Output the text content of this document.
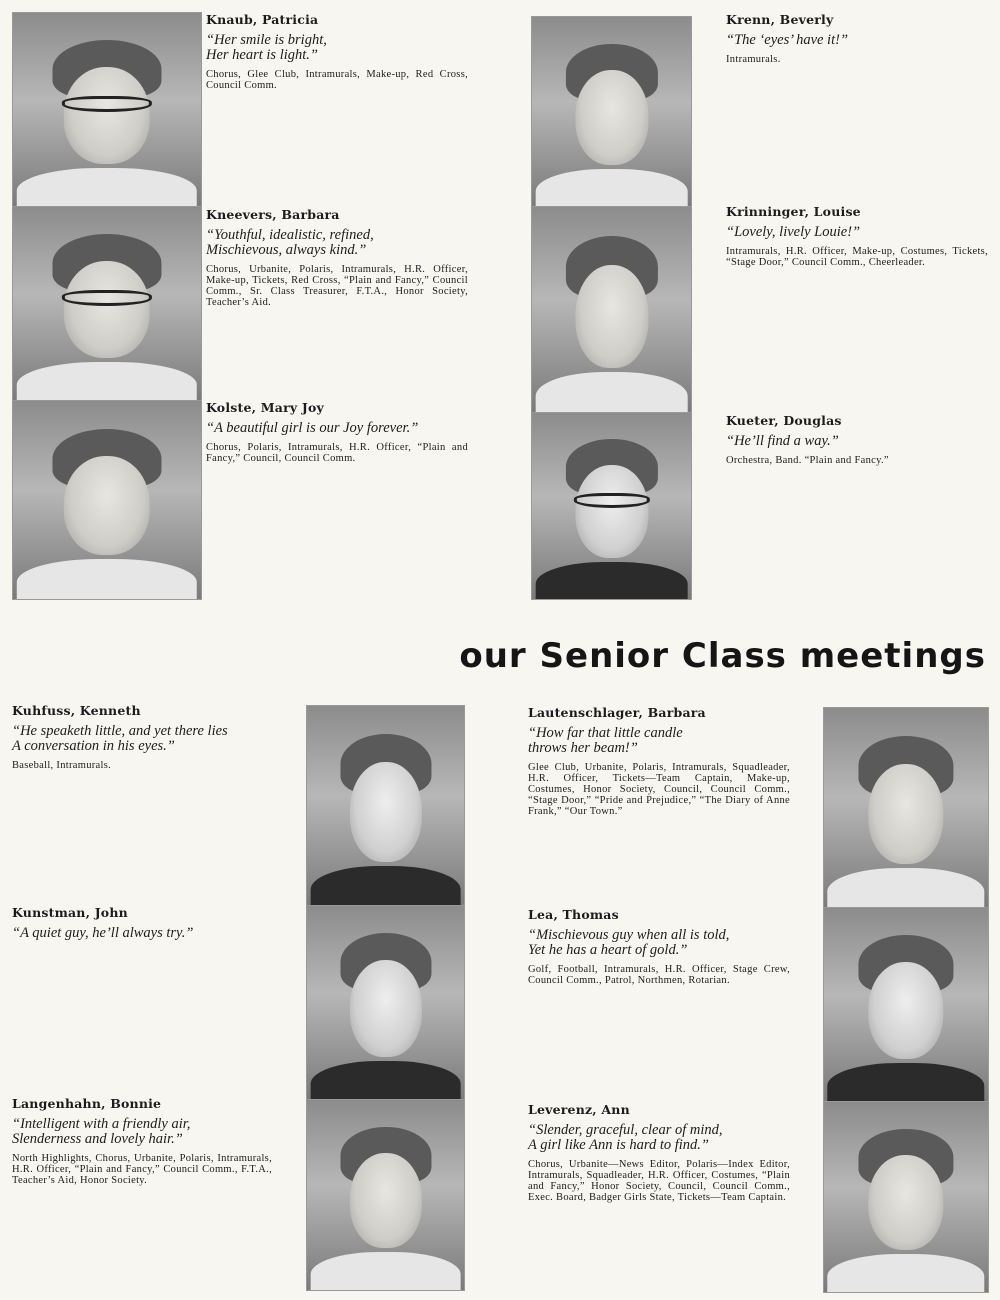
Knaub, Patricia

“Her smile is bright,
Her heart is light.”

Chorus, Glee Club, Intramurals, Make-up, Red Cross, Council Comm.

Kneevers, Barbara

“Youthful, idealistic, refined,
Mischievous, always kind.”

Chorus, Urbanite, Polaris, Intramurals, H.R. Officer, Make-up, Tickets, Red Cross, “Plain and Fancy,” Council Comm., Sr. Class Treasurer, F.T.A., Honor Society, Teacher’s Aid.

Kolste, Mary Joy

“A beautiful girl is our Joy forever.”

Chorus, Polaris, Intramurals, H.R. Officer, “Plain and Fancy,” Council, Council Comm.

Krenn, Beverly

“The ‘eyes’ have it!”

Intramurals.

Krinninger, Louise

“Lovely, lively Louie!”

Intramurals, H.R. Officer, Make-up, Costumes, Tickets, “Stage Door,” Council Comm., Cheerleader.

Kueter, Douglas

“He’ll find a way.”

Orchestra, Band. “Plain and Fancy.”

our Senior Class meetings

Kuhfuss, Kenneth

“He speaketh little, and yet there lies
A conversation in his eyes.”

Baseball, Intramurals.

Kunstman, John

“A quiet guy, he’ll always try.”

Langenhahn, Bonnie

“Intelligent with a friendly air,
Slenderness and lovely hair.”

North Highlights, Chorus, Urbanite, Polaris, Intramurals, H.R. Officer, “Plain and Fancy,” Council Comm., F.T.A., Teacher’s Aid, Honor Society.

Lautenschlager, Barbara

“How far that little candle
throws her beam!”

Glee Club, Urbanite, Polaris, Intramurals, Squadleader, H.R. Officer, Tickets—Team Captain, Make-up, Costumes, Honor Society, Council, Council Comm., “Stage Door,” “Pride and Prejudice,” “The Diary of Anne Frank,” “Our Town.”

Lea, Thomas

“Mischievous guy when all is told,
Yet he has a heart of gold.”

Golf, Football, Intramurals, H.R. Officer, Stage Crew, Council Comm., Patrol, Northmen, Rotarian.

Leverenz, Ann

“Slender, graceful, clear of mind,
A girl like Ann is hard to find.”

Chorus, Urbanite—News Editor, Polaris—Index Editor, Intramurals, Squadleader, H.R. Officer, Costumes, “Plain and Fancy,” Honor Society, Council, Council Comm., Exec. Board, Badger Girls State, Tickets—Team Captain.
